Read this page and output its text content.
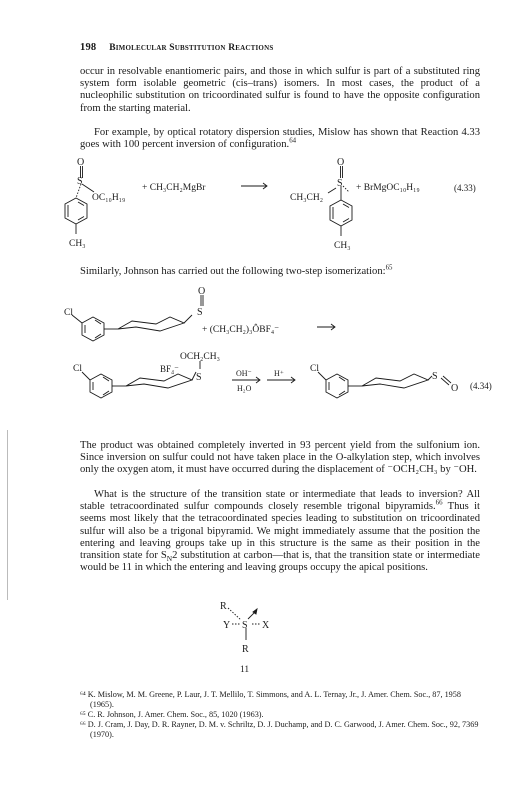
198 Bimolecular Substitution Reactions
occur in resolvable enantiomeric pairs, and those in which sulfur is part of a substituted ring system form isolable geometric (cis–trans) isomers. In most cases, the product of a nucleophilic substitution on tricoordinated sulfur is found to have the opposite configuration from the starting material.
For example, by optical rotatory dispersion studies, Mislow has shown that Reaction 4.33 goes with 100 percent inversion of configuration.$^{64}$
O
S
OC₁₀H₁₉
CH₃
+ CH₃CH₂MgBr
O
S
CH₃CH₂
+ BrMgOC₁₀H₁₉
CH₃
(4.33)
Similarly, Johnson has carried out the following two-step isomerization:$^{65}$
Cl
O
S
+ (CH₃CH₂)₃ÔBF₄⁻
Cl
OCH₂CH₃
BF₄⁻
S	OH⁻
H₂O
H⁺	Cl
S
O (4.34)
The product was obtained completely inverted in 93 percent yield from the sulfonium ion. Since inversion on sulfur could not have taken place in the O-alkylation step, which involves only the oxygen atom, it must have occurred during the displacement of ⁻OCH₂CH₃ by ⁻OH.
What is the structure of the transition state or intermediate that leads to inversion? All stable tetracoordinated sulfur compounds closely resemble trigonal bipyramids.$^{66}$ Thus it seems most likely that the tetracoordinated species leading to substitution on tricoordinated sulfur will also be a trigonal bipyramid. We might immediately assume that the position the entering and leaving groups take up in this structure is the same as their position in the transition state for $S_N2$ substitution at carbon—that is, that the transition state or intermediate would be 11 in which the entering and leaving groups occupy the apical positions.
R
Y S X
R
11

⁶⁴ K. Mislow, M. M. Greene, P. Laur, J. T. Mellilo, T. Simmons, and A. L. Ternay, Jr., J. Amer. Chem. Soc., 87, 1958 (1965).

⁶⁵ C. R. Johnson, J. Amer. Chem. Soc., 85, 1020 (1963).

⁶⁶ D. J. Cram, J. Day, D. R. Rayner, D. M. v. Schriltz, D. J. Duchamp, and D. C. Garwood, J. Amer. Chem. Soc., 92, 7369 (1970).
